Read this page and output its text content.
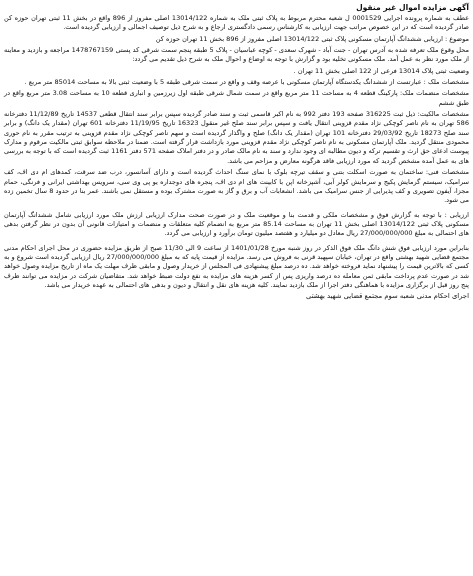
آگهی مزایده اموال غیر منقول
عطف به شماره پرونده اجرایی 0001529 ل شعبه محترم مربوط به پلاک ثبتی ملک به شماره 13014/122 اصلی مفروز از 896 واقع در بخش 11 ثبتی تهران حوزه کن صادر گردیده است که در این خصوص مراتب جهت ارزیابی به کارشناس رسمی دادگستری ارجاع و به شرح ذیل توصیف اجمالی و ارزیابی گردیده است.
موضوع : ارزیابی ششدانگ آپارتمان مسکونی پلاک ثبتی 13014/122 اصلی مفروز از 896 بخش 11 تهران حوزه کن
محل وقوع ملک تعرفه شده به آدرس تهران - جنت آباد - شهرک سعدی - کوچه عباسیان - پلاک 5 طبقه پنجم سمت شرقی کد پستی 1478767159 مراجعه و بازدید و معاینه از ملک مورد نظر به عمل آمد. ملک مسکونی تخلیه بود و گزارش با توجه به اوضاع و احوال ملک به شرح ذیل تقدیم می گردد:
وضعیت ثبتی پلاک 13014 فرعی از 122 اصلی بخش 11 تهران .
مشخصات ملک : عبارتست از ششدانگ یکدستگاه آپارتمان مسکونی با عرصه وقف و واقع در سمت شرقی طبقه 5 با وضعیت ثبتی بالا به مساحت 85014 متر مربع .
مشخصات منضمات ملک: پارکینگ قطعه 4 به مساحت 11 متر مربع واقع در سمت شمال شرقی طبقه اول زیرزمین و انباری قطعه 10 به مساحت 3.08 متر مربع واقع در طبق ششم
مشخصات مالکیت: ذیل ثبت 316225 صفحه 193 دفتر 992 به نام اکبر قاسمی ثبت و سند صادر گردیده سپس برابر سند انتقال قطعی 14537 تاریخ 11/12/89 دفترخانه 586 تهران به نام ناصر کوچکی نژاد مقدم قزوینی انتقال یافت و سپس برابر سند صلح غیر منقول 16323 تاریخ 11/19/95 دفترخانه 601 تهران (مقدار یک دانگ) و برابر سند صلح 18273 تاریخ 29/03/92 دفترخانه 101 تهران (مقدار یک دانگ) صلح و واگذار گردیده است و سهم ناصر کوچکی نژاد مقدم قزوینی به ترتیب مقرر به نام حوری محمودی منتقل گردید. ملک آپارتمان مسکونی به نام ناصر کوچکی نژاد مقدم قزوینی مورد بازداشت قرار گرفته است. ضمنا در ملاحظه سوابق ثبتی مالکیت مرقوم و مدارک پیوست ادعای حق ارث و تقسیم ترکه و دیون مطالبه ای وجود ندارد و سند به نام مالک صادر و در دفتر املاک صفحه 571 دفتر 1161 ثبت گردیده است که با توجه به بررسی های به عمل آمده مشخص گردید که مورد ارزیابی فاقد هرگونه معارض و مزاحم می باشد.
مشخصات فنی: ساختمان به صورت اسکلت بتنی و سقف تیرچه بلوک با نمای سنگ احداث گردیده است و دارای آسانسور، درب ضد سرقت، کمدهای ام دی اف، کف سرامیک، سیستم گرمایش پکیج و سرمایش کولر آبی، آشپزخانه اپن با کابینت های ام دی اف، پنجره های دوجداره یو پی وی سی، سرویس بهداشتی ایرانی و فرنگی، حمام مجزا، آیفون تصویری و کف پذیرایی از جنس سرامیک می باشد. انشعابات آب و برق و گاز به صورت مشترک بوده و مستقل نمی باشند. عمر بنا در حدود 8 سال تخمین زده می شود.
ارزیابی : با توجه به گزارش فوق و مشخصات ملکی و قدمت بنا و موقعیت ملک و در صورت صحت مدارک ارزیابی ارزش ملک مورد ارزیابی شامل ششدانگ آپارتمان مسکونی پلاک ثبتی 13014/122 اصلی بخش 11 تهران به مساحت 85.14 متر مربع به انضمام کلیه متعلقات و منضمات و امتیازات قانونی آن بدون در نظر گرفتن بدهی های احتمالی به مبلغ 27/000/000/000 ریال معادل دو میلیارد و هفتصد میلیون تومان برآورد و ارزیابی می گردد.
بنابراین مورد ارزیابی فوق شش دانگ ملک فوق الذکر در روز شنبه مورخ 1401/01/28 از ساعت 9 الی 11/30 صبح از طریق مزایده حضوری در محل اجرای احکام مدنی مجتمع قضایی شهید بهشتی واقع در تهران، خیابان سپهبد قرنی به فروش می رسد. مزایده از قیمت پایه که به مبلغ 27/000/000/000 ریال ارزیابی گردیده است شروع و به کسی که بالاترین قیمت را پیشنهاد نماید فروخته خواهد شد. ده درصد مبلغ پیشنهادی فی المجلس از خریدار وصول و مابقی ظرف مهلت یک ماه از تاریخ مزایده وصول خواهد شد در صورت عدم پرداخت مابقی ثمن معامله ده درصد واریزی پس از کسر هزینه های مزایده به نفع دولت ضبط خواهد شد. متقاضیان شرکت در مزایده می توانند ظرف پنج روز قبل از برگزاری مزایده با هماهنگی دفتر اجرا از ملک بازدید نمایند. کلیه هزینه های نقل و انتقال و دیون و بدهی های احتمالی به عهده خریدار می باشد.
اجرای احکام مدنی شعبه سوم مجتمع قضایی شهید بهشتی
